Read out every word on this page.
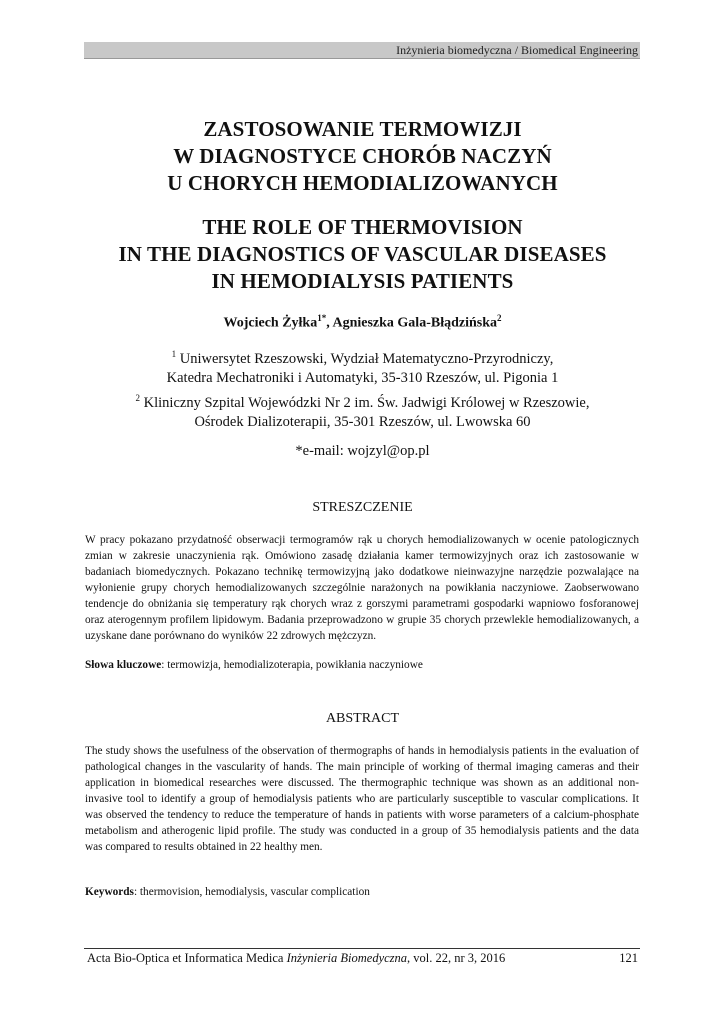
Inżynieria biomedyczna / Biomedical Engineering
ZASTOSOWANIE TERMOWIZJI
W DIAGNOSTYCE CHORÓB NACZYŃ
U CHORYCH HEMODIALIZOWANYCH
THE ROLE OF THERMOVISION
IN THE DIAGNOSTICS OF VASCULAR DISEASES
IN HEMODIALYSIS PATIENTS
Wojciech Żyłka$^{1*}$, Agnieszka Gala-Błądzińska$^2$
$^1$ Uniwersytet Rzeszowski, Wydział Matematyczno-Przyrodniczy,
Katedra Mechatroniki i Automatyki, 35-310 Rzeszów, ul. Pigonia 1
$^2$ Kliniczny Szpital Wojewódzki Nr 2 im. Św. Jadwigi Królowej w Rzeszowie,
Ośrodek Dializoterapii, 35-301 Rzeszów, ul. Lwowska 60
*e-mail: wojzyl@op.pl
STRESZCZENIE
W pracy pokazano przydatność obserwacji termogramów rąk u chorych hemodializowanych w ocenie patologicznych zmian w zakresie unaczynienia rąk. Omówiono zasadę działania kamer termowizyjnych oraz ich zastosowanie w badaniach biomedycznych. Pokazano technikę termowizyjną jako dodatkowe nieinwazyjne narzędzie pozwalające na wyłonienie grupy chorych hemodializowanych szczególnie narażonych na powikłania naczyniowe. Zaobserwowano tendencje do obniżania się temperatury rąk chorych wraz z gorszymi parametrami gospodarki wapniowo fosforanowej oraz aterogennym profilem lipidowym. Badania przeprowadzono w grupie 35 chorych przewlekle hemodializowanych, a uzyskane dane porównano do wyników 22 zdrowych mężczyzn.
Słowa kluczowe: termowizja, hemodializoterapia, powikłania naczyniowe
ABSTRACT
The study shows the usefulness of the observation of thermographs of hands in hemodialysis patients in the evaluation of pathological changes in the vascularity of hands. The main principle of working of thermal imaging cameras and their application in biomedical researches were discussed. The thermographic technique was shown as an additional non-invasive tool to identify a group of hemodialysis patients who are particularly susceptible to vascular complications. It was observed the tendency to reduce the temperature of hands in patients with worse parameters of a calcium-phosphate metabolism and atherogenic lipid profile. The study was conducted in a group of 35 hemodialysis patients and the data was compared to results obtained in 22 healthy men.
Keywords: thermovision, hemodialysis, vascular complication
Acta Bio-Optica et Informatica Medica Inżynieria Biomedyczna, vol. 22, nr 3, 2016	121
